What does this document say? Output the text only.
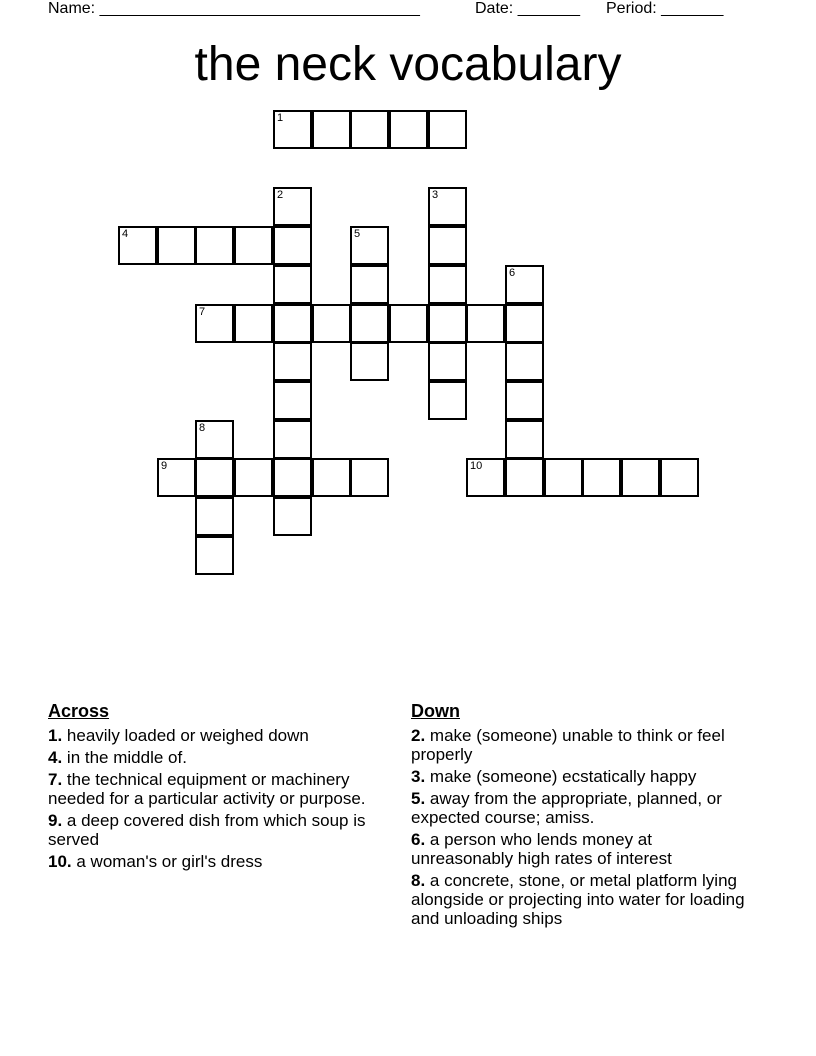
Name: ____________________________________

	Date: _______

Period: _______

the neck vocabulary
1
4
7
9	10
2	3
5
6
8
Across
1. heavily loaded or weighed down
4. in the middle of.
7. the technical equipment or machinery needed for a particular activity or purpose.
9. a deep covered dish from which soup is served
10. a woman's or girl's dress
Down
2. make (someone) unable to think or feel properly
3. make (someone) ecstatically happy
5. away from the appropriate, planned, or expected course; amiss.
6. a person who lends money at unreasonably high rates of interest
8. a concrete, stone, or metal platform lying alongside or projecting into water for loading and unloading ships
